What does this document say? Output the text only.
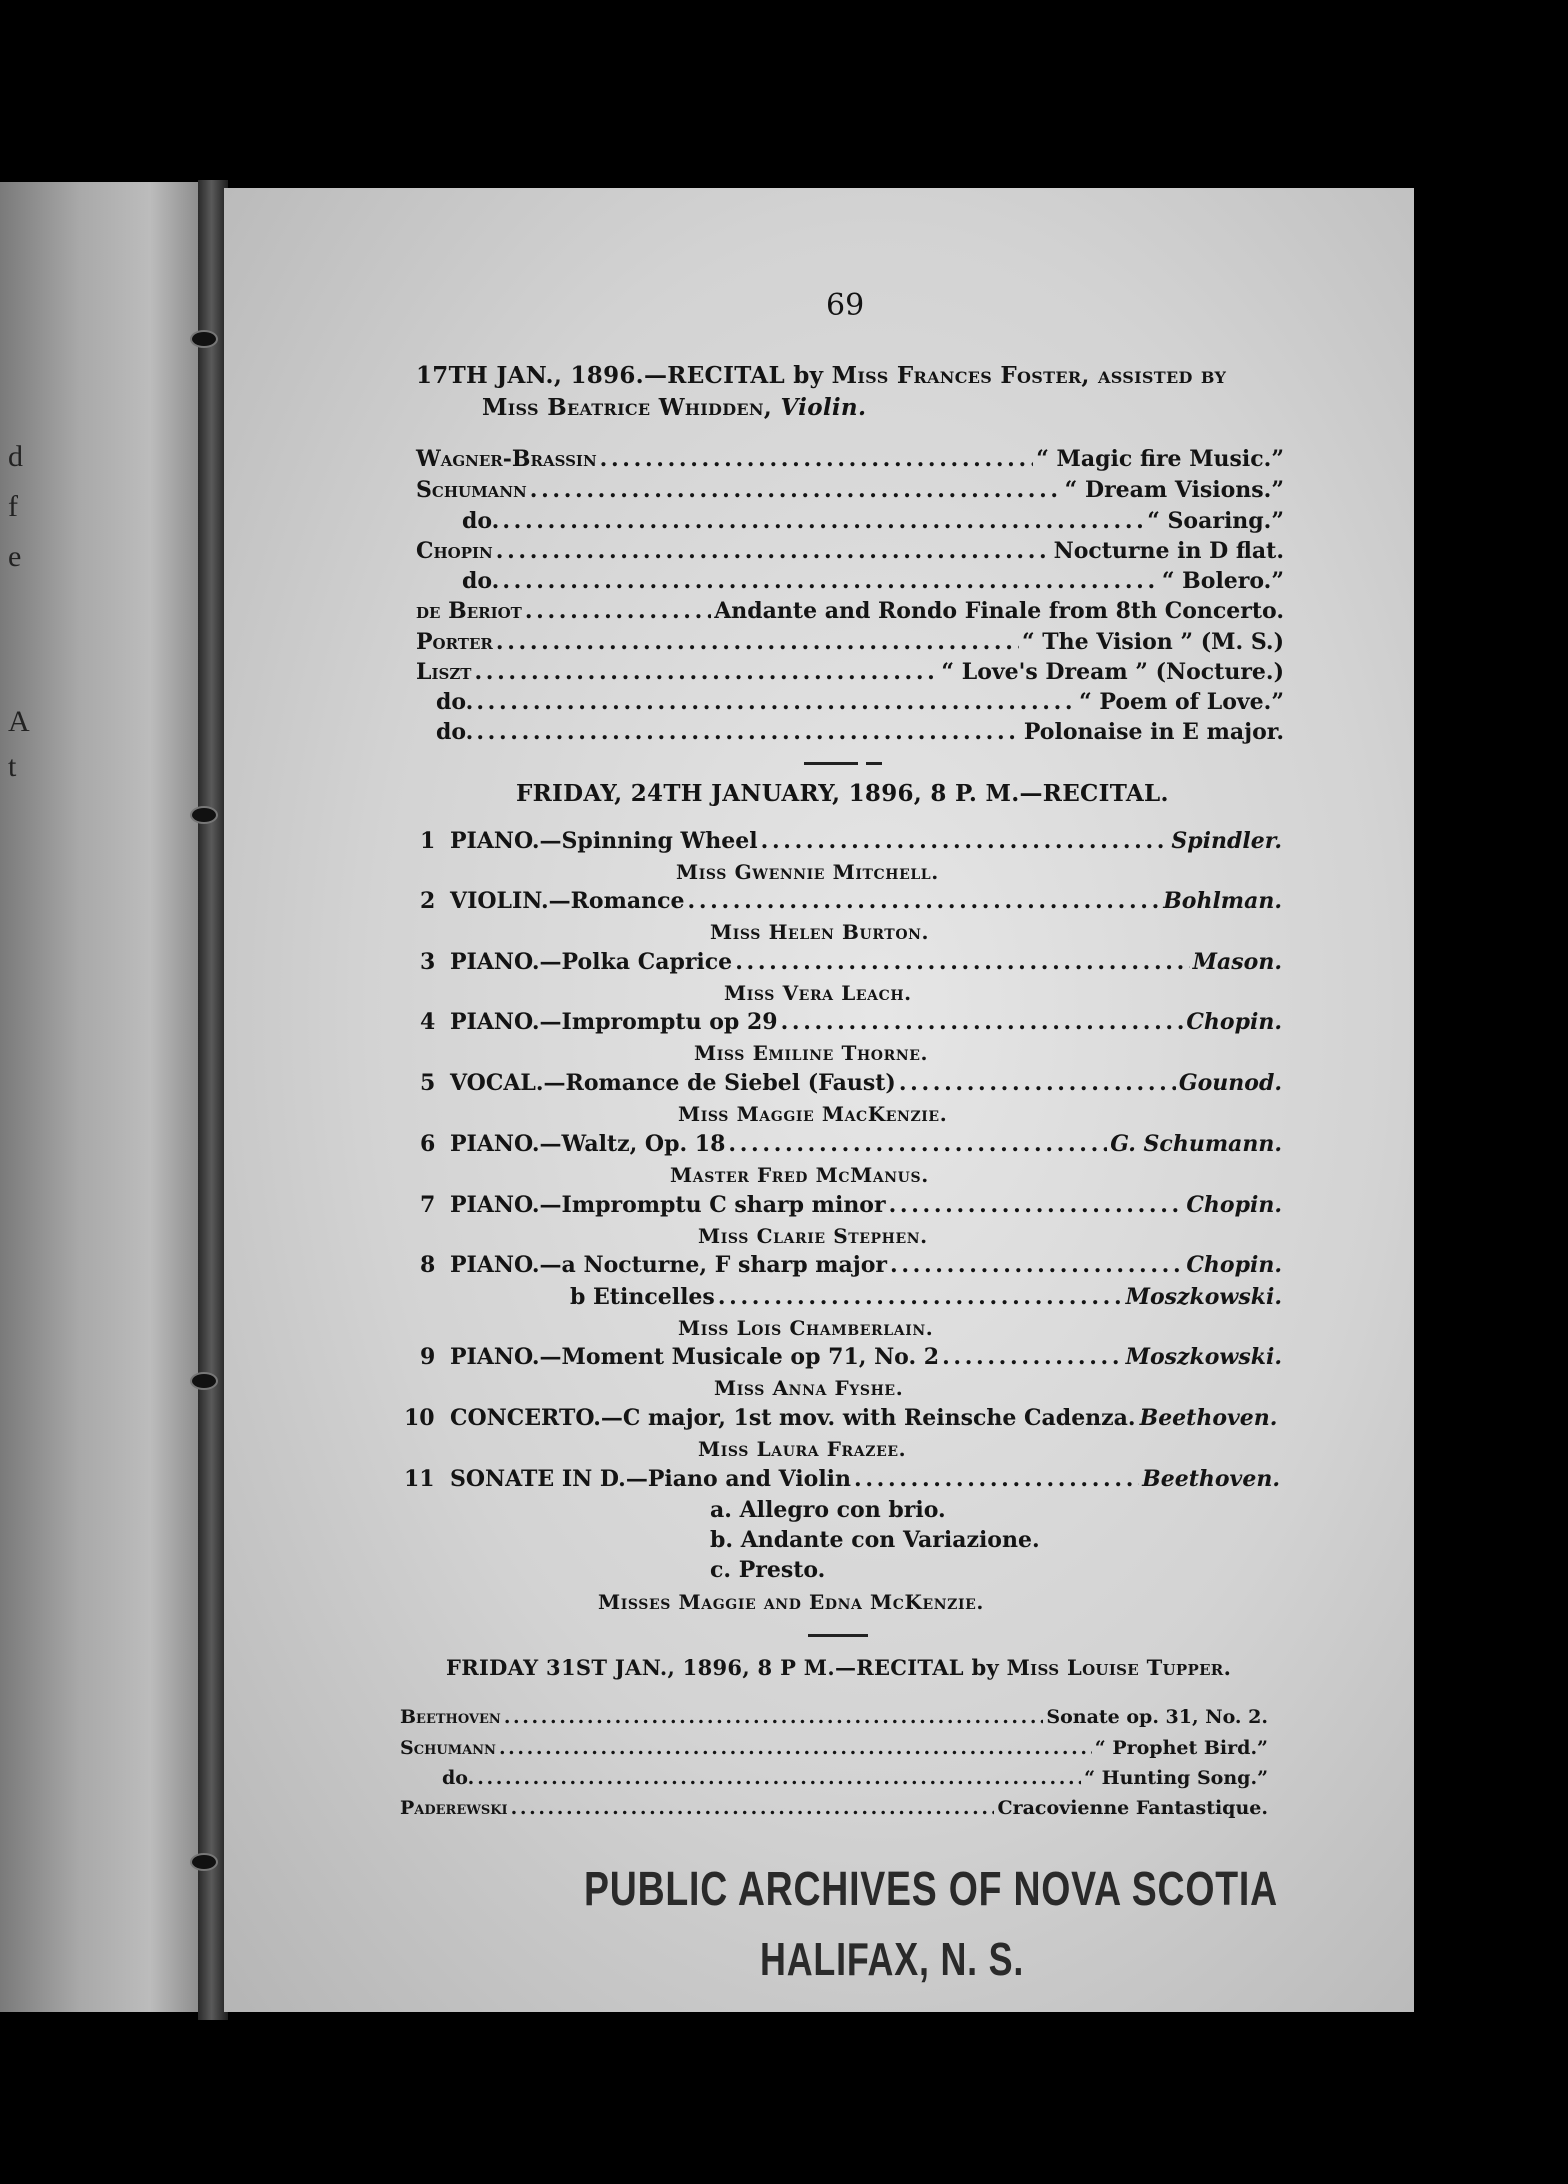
d
f
e
A
t
69
17TH JAN., 1896.—RECITAL by Miss Frances Foster, assisted by
Miss Beatrice Whidden, Violin.
Wagner-Brassin . . .	“ Magic fire Music.”
Schumann . . .	“ Dream Visions.”
do. . . .	“ Soaring.”
Chopin . . .	Nocturne in D flat.
do. . . .	“ Bolero.”
de Beriot . . .	Andante and Rondo Finale from 8th Concerto.
Porter . . .	“ The Vision ” (M. S.)
Liszt . . .	“ Love's Dream ” (Nocture.)
do. . . .	“ Poem of Love.”
do. . . .	Polonaise in E major.
FRIDAY, 24TH JANUARY, 1896, 8 P. M.—RECITAL.
1 PIANO.—Spinning Wheel . . .	Spindler.
Miss Gwennie Mitchell.
2 VIOLIN.—Romance . . .	Bohlman.
Miss Helen Burton.
3 PIANO.—Polka Caprice . . .	Mason.
Miss Vera Leach.
4 PIANO.—Impromptu op 29 . . .	Chopin.
Miss Emiline Thorne.
5 VOCAL.—Romance de Siebel (Faust) . . .	Gounod.
Miss Maggie MacKenzie.
6 PIANO.—Waltz, Op. 18 . . .	G. Schumann.
Master Fred McManus.
7 PIANO.—Impromptu C sharp minor . . .	Chopin.
Miss Clarie Stephen.
8 PIANO.—a Nocturne, F sharp major . . .	Chopin.
b Etincelles . . .	Moszkowski.
Miss Lois Chamberlain.
9 PIANO.—Moment Musicale op 71, No. 2 . . .	Moszkowski.
Miss Anna Fyshe.
10 CONCERTO.—C major, 1st mov. with Reinsche Cadenza. Beethoven.
Miss Laura Frazee.
11 SONATE IN D.—Piano and Violin . . .	Beethoven.
a. Allegro con brio.
b. Andante con Variazione.
c. Presto.
Misses Maggie and Edna McKenzie.
FRIDAY 31ST JAN., 1896, 8 P M.—RECITAL by Miss Louise Tupper.
Beethoven . . .	Sonate op. 31, No. 2.
Schumann . . .	“ Prophet Bird.”
do. . . .	“ Hunting Song.”
Paderewski . . .	Cracovienne Fantastique.
PUBLIC ARCHIVES OF NOVA SCOTIA
HALIFAX, N. S.
